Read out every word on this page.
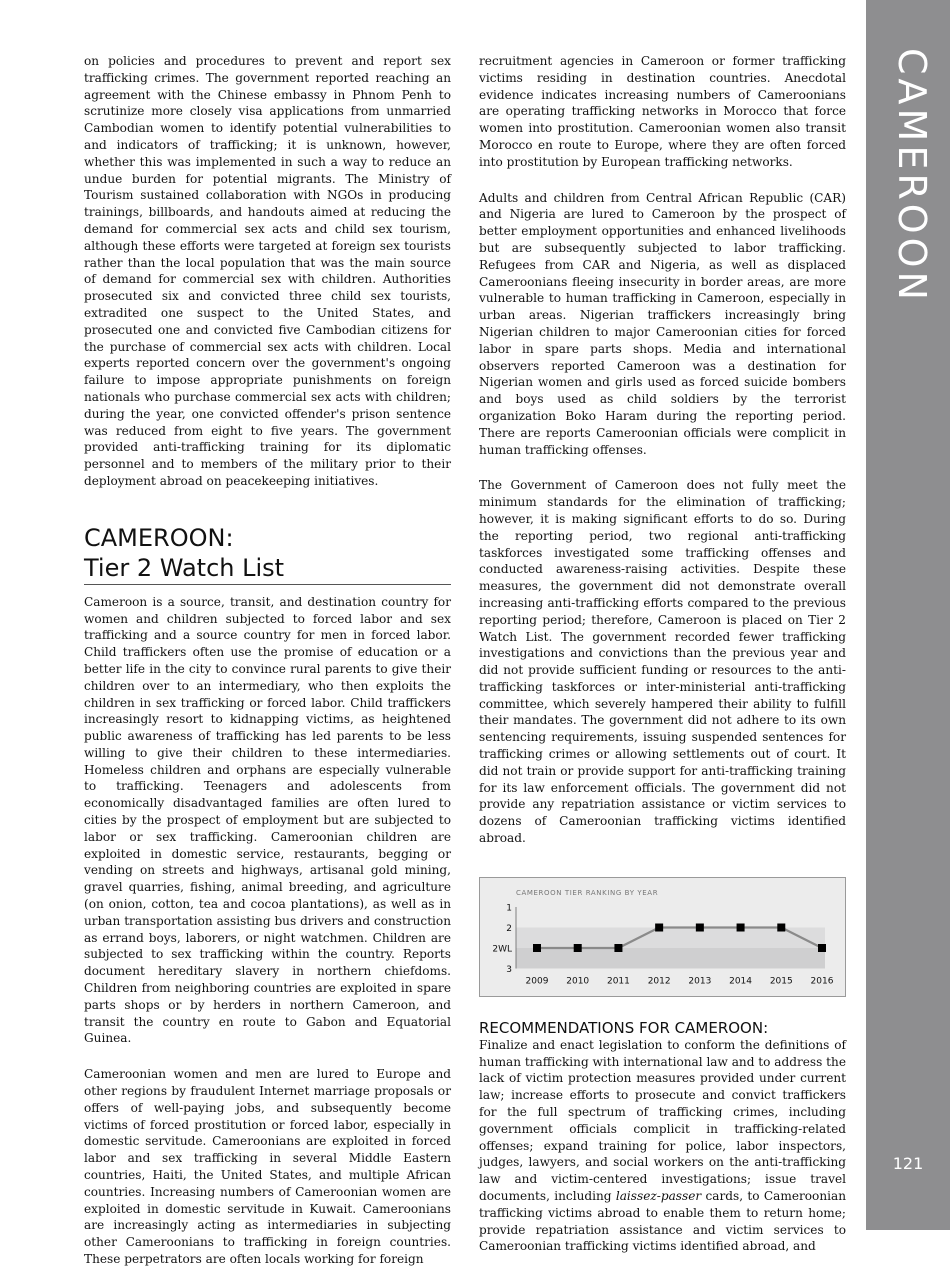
CAMEROON
121

on policies and procedures to prevent and report sex trafficking crimes. The government reported reaching an agreement with the Chinese embassy in Phnom Penh to scrutinize more closely visa applications from unmarried Cambodian women to identify potential vulnerabilities to and indicators of trafficking; it is unknown, however, whether this was implemented in such a way to reduce an undue burden for potential migrants. The Ministry of Tourism sustained collaboration with NGOs in producing trainings, billboards, and handouts aimed at reducing the demand for commercial sex acts and child sex tourism, although these efforts were targeted at foreign sex tourists rather than the local population that was the main source of demand for commercial sex with children. Authorities prosecuted six and convicted three child sex tourists, extradited one suspect to the United States, and prosecuted one and convicted five Cambodian citizens for the purchase of commercial sex acts with children. Local experts reported concern over the government's ongoing failure to impose appropriate punishments on foreign nationals who purchase commercial sex acts with children; during the year, one convicted offender's prison sentence was reduced from eight to five years. The government provided anti-trafficking training for its diplomatic personnel and to members of the military prior to their deployment abroad on peacekeeping initiatives.

CAMEROON:
Tier 2 Watch List

Cameroon is a source, transit, and destination country for women and children subjected to forced labor and sex trafficking and a source country for men in forced labor. Child traffickers often use the promise of education or a better life in the city to convince rural parents to give their children over to an intermediary, who then exploits the children in sex trafficking or forced labor. Child traffickers increasingly resort to kidnapping victims, as heightened public awareness of trafficking has led parents to be less willing to give their children to these intermediaries. Homeless children and orphans are especially vulnerable to trafficking. Teenagers and adolescents from economically disadvantaged families are often lured to cities by the prospect of employment but are subjected to labor or sex trafficking. Cameroonian children are exploited in domestic service, restaurants, begging or vending on streets and highways, artisanal gold mining, gravel quarries, fishing, animal breeding, and agriculture (on onion, cotton, tea and cocoa plantations), as well as in urban transportation assisting bus drivers and construction as errand boys, laborers, or night watchmen. Children are subjected to sex trafficking within the country. Reports document hereditary slavery in northern chiefdoms. Children from neighboring countries are exploited in spare parts shops or by herders in northern Cameroon, and transit the country en route to Gabon and Equatorial Guinea.

Cameroonian women and men are lured to Europe and other regions by fraudulent Internet marriage proposals or offers of well-paying jobs, and subsequently become victims of forced prostitution or forced labor, especially in domestic servitude. Cameroonians are exploited in forced labor and sex trafficking in several Middle Eastern countries, Haiti, the United States, and multiple African countries. Increasing numbers of Cameroonian women are exploited in domestic servitude in Kuwait. Cameroonians are increasingly acting as intermediaries in subjecting other Cameroonians to trafficking in foreign countries. These perpetrators are often locals working for foreign

recruitment agencies in Cameroon or former trafficking victims residing in destination countries. Anecdotal evidence indicates increasing numbers of Cameroonians are operating trafficking networks in Morocco that force women into prostitution. Cameroonian women also transit Morocco en route to Europe, where they are often forced into prostitution by European trafficking networks.

Adults and children from Central African Republic (CAR) and Nigeria are lured to Cameroon by the prospect of better employment opportunities and enhanced livelihoods but are subsequently subjected to labor trafficking. Refugees from CAR and Nigeria, as well as displaced Cameroonians fleeing insecurity in border areas, are more vulnerable to human trafficking in Cameroon, especially in urban areas. Nigerian traffickers increasingly bring Nigerian children to major Cameroonian cities for forced labor in spare parts shops. Media and international observers reported Cameroon was a destination for Nigerian women and girls used as forced suicide bombers and boys used as child soldiers by the terrorist organization Boko Haram during the reporting period. There are reports Cameroonian officials were complicit in human trafficking offenses.

The Government of Cameroon does not fully meet the minimum standards for the elimination of trafficking; however, it is making significant efforts to do so. During the reporting period, two regional anti-trafficking taskforces investigated some trafficking offenses and conducted awareness-raising activities. Despite these measures, the government did not demonstrate overall increasing anti-trafficking efforts compared to the previous reporting period; therefore, Cameroon is placed on Tier 2 Watch List. The government recorded fewer trafficking investigations and convictions than the previous year and did not provide sufficient funding or resources to the anti-trafficking taskforces or inter-ministerial anti-trafficking committee, which severely hampered their ability to fulfill their mandates. The government did not adhere to its own sentencing requirements, issuing suspended sentences for trafficking crimes or allowing settlements out of court. It did not train or provide support for anti-trafficking training for its law enforcement officials. The government did not provide any repatriation assistance or victim services to dozens of Cameroonian trafficking victims identified abroad.

CAMEROON TIER RANKING BY YEAR
1
2
2WL
3
2009 2010 2011 2012 2013 2014 2015 2016
RECOMMENDATIONS FOR CAMEROON:

Finalize and enact legislation to conform the definitions of human trafficking with international law and to address the lack of victim protection measures provided under current law; increase efforts to prosecute and convict traffickers for the full spectrum of trafficking crimes, including government officials complicit in trafficking-related offenses; expand training for police, labor inspectors, judges, lawyers, and social workers on the anti-trafficking law and victim-centered investigations; issue travel documents, including laissez-passer cards, to Cameroonian trafficking victims abroad to enable them to return home; provide repatriation assistance and victim services to Cameroonian trafficking victims identified abroad, and
